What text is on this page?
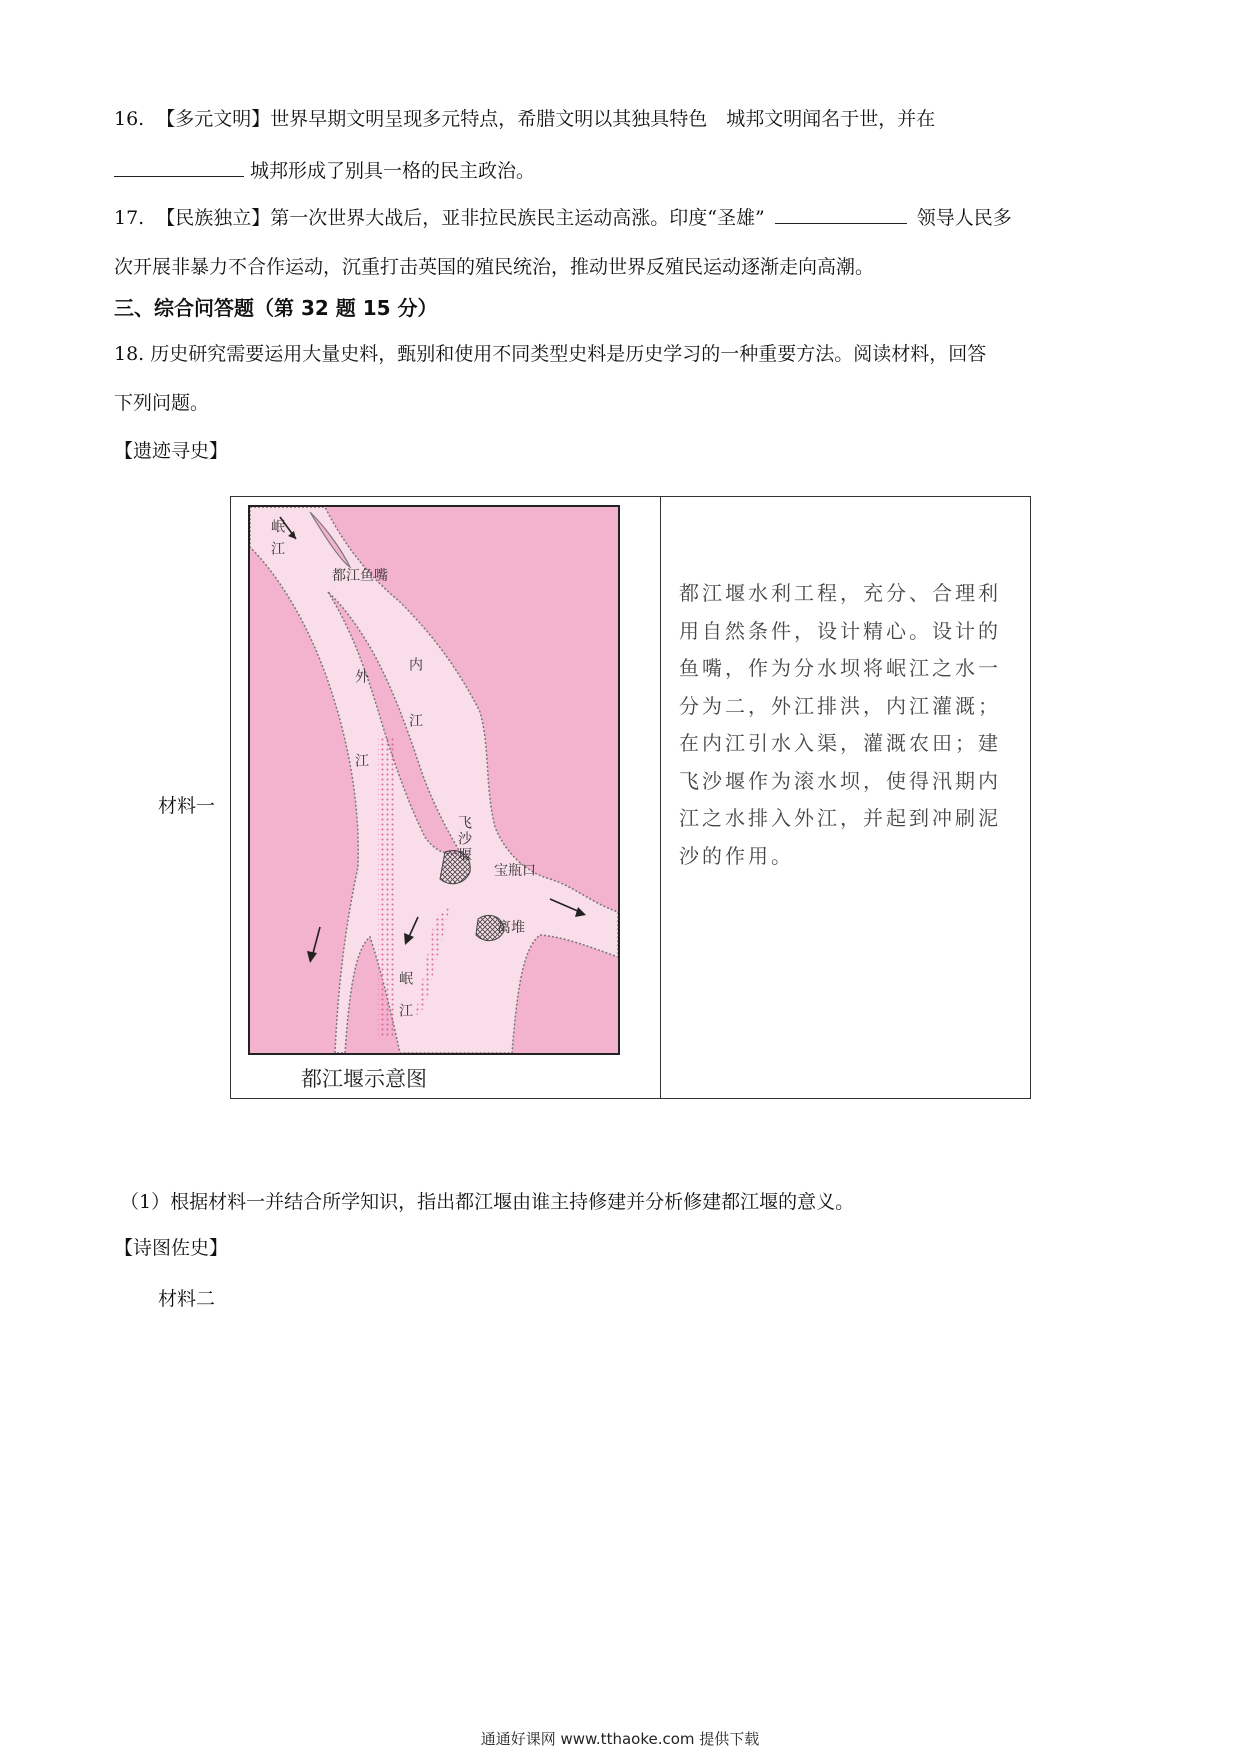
16. 【多元文明】世界早期文明呈现多元特点，希腊文明以其独具特色　城邦文明闻名于世，并在
城邦形成了别具一格的民主政治。
17. 【民族独立】第一次世界大战后，亚非拉民族民主运动高涨。印度“圣雄”	领导人民多
次开展非暴力不合作运动，沉重打击英国的殖民统治，推动世界反殖民运动逐渐走向高潮。
三、综合问答题（第 32 题 15 分）
18. 历史研究需要运用大量史料，甄别和使用不同类型史料是历史学习的一种重要方法。阅读材料，回答
下列问题。
【遗迹寻史】
材料一
岷江
都江鱼嘴
内江
外江
飞沙堰
宝瓶口
离堆
岷江
都江堰示意图
都江堰水利工程，充分、合理利用自然条件，设计精心。设计的鱼嘴，作为分水坝将岷江之水一分为二，外江排洪，内江灌溉；在内江引水入渠，灌溉农田；建飞沙堰作为滚水坝，使得汛期内江之水排入外江，并起到冲刷泥沙的作用。
（1）根据材料一并结合所学知识，指出都江堰由谁主持修建并分析修建都江堰的意义。
【诗图佐史】
材料二
通通好课网 www.tthaoke.com 提供下载
